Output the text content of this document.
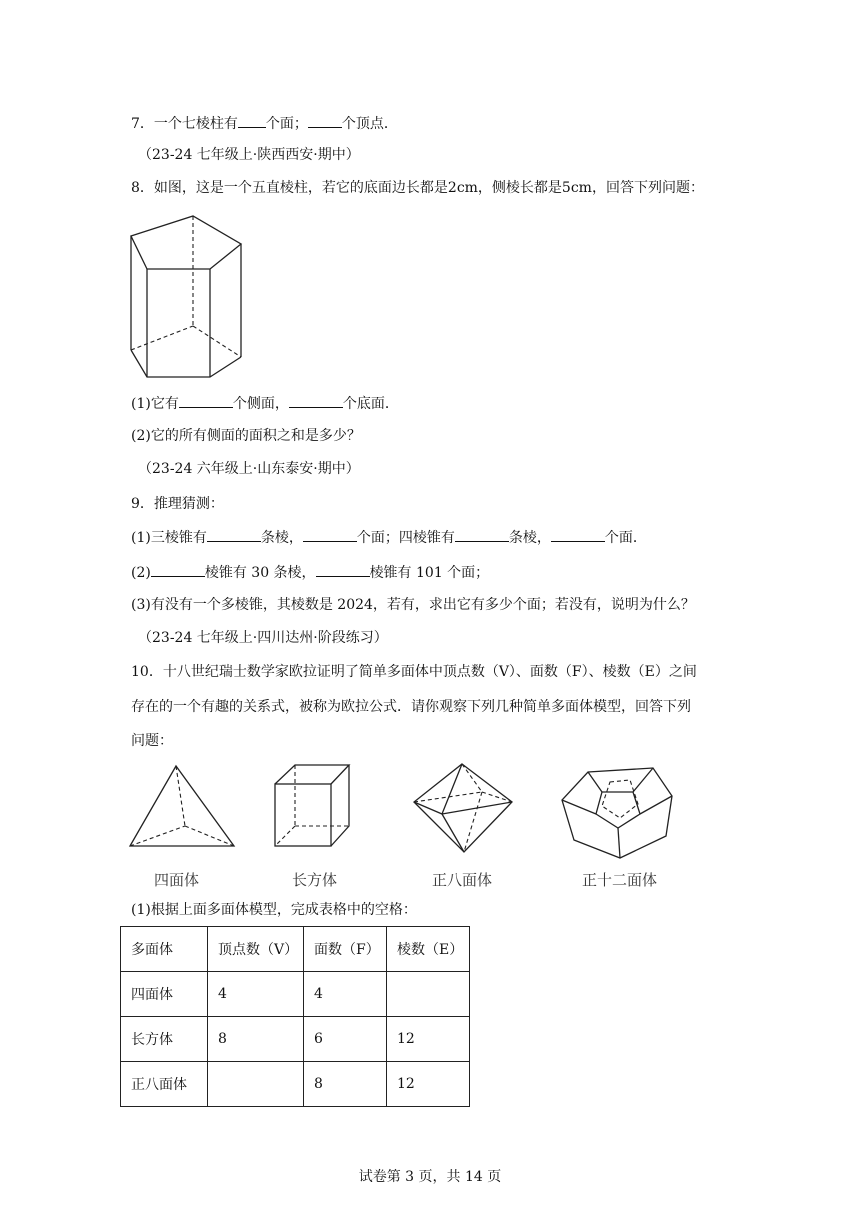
7．一个七棱柱有 个面； 个顶点．
（23-24 七年级上·陕西西安·期中）
8．如图，这是一个五直棱柱，若它的底面边长都是2cm，侧棱长都是5cm，回答下列问题：
(1)它有	个侧面，	个底面．
(2)它的所有侧面的面积之和是多少？
（23-24 六年级上·山东泰安·期中）
9．推理猜测：
(1)三棱锥有	条棱，	个面；四棱锥有	条棱，	个面．
(2)	棱锥有 30 条棱，	棱锥有 101 个面；
(3)有没有一个多棱锥，其棱数是 2024，若有，求出它有多少个面；若没有，说明为什么？
（23-24 七年级上·四川达州·阶段练习）
10．十八世纪瑞士数学家欧拉证明了简单多面体中顶点数（V）、面数（F）、棱数（E）之间
存在的一个有趣的关系式，被称为欧拉公式．请你观察下列几种简单多面体模型，回答下列
问题：
四面体	长方体	正八面体	正十二面体
(1)根据上面多面体模型，完成表格中的空格：
多面体	顶点数（V）	面数（F）	棱数（E）
四面体	4	4	
长方体	8	6	12
正八面体		8	12
试卷第 3 页，共 14 页
